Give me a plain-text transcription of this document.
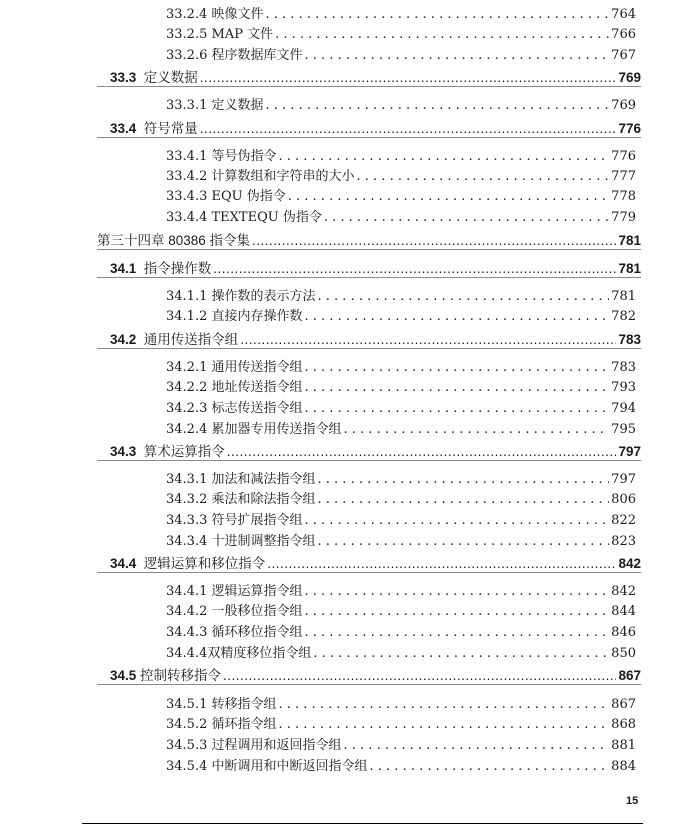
33.2.4 映像文件 . . .	764
33.2.5 MAP 文件 . . .	766
33.2.6 程序数据库文件 . . .	767
33.3 定义数据 .....	769
33.3.1 定义数据 . . .	769
33.4 符号常量 .....	776
33.4.1 等号伪指令 . . .	776
33.4.2 计算数组和字符串的大小 . . .	777
33.4.3 EQU 伪指令 . . .	778
33.4.4 TEXTEQU 伪指令 . . .	779
第三十四章 80386 指令集 .....	781
34.1 指令操作数 .....	781
34.1.1 操作数的表示方法 . . .	781
34.1.2 直接内存操作数 . . .	782
34.2 通用传送指令组 .....	783
34.2.1 通用传送指令组 . . .	783
34.2.2 地址传送指令组 . . .	793
34.2.3 标志传送指令组 . . .	794
34.2.4 累加器专用传送指令组 . . .	795
34.3 算术运算指令 .....	797
34.3.1 加法和减法指令组 . . .	797
34.3.2 乘法和除法指令组 . . .	806
34.3.3 符号扩展指令组 . . .	822
34.3.4 十进制调整指令组 . . .	823
34.4 逻辑运算和移位指令 .....	842
34.4.1 逻辑运算指令组 . . .	842
34.4.2 一般移位指令组 . . .	844
34.4.3 循环移位指令组 . . .	846
34.4.4双精度移位指令组 . . .	850
34.5 控制转移指令 .....	867
34.5.1 转移指令组 . . .	867
34.5.2 循环指令组 . . .	868
34.5.3 过程调用和返回指令组 . . .	881
34.5.4 中断调用和中断返回指令组 . . .	884
15
